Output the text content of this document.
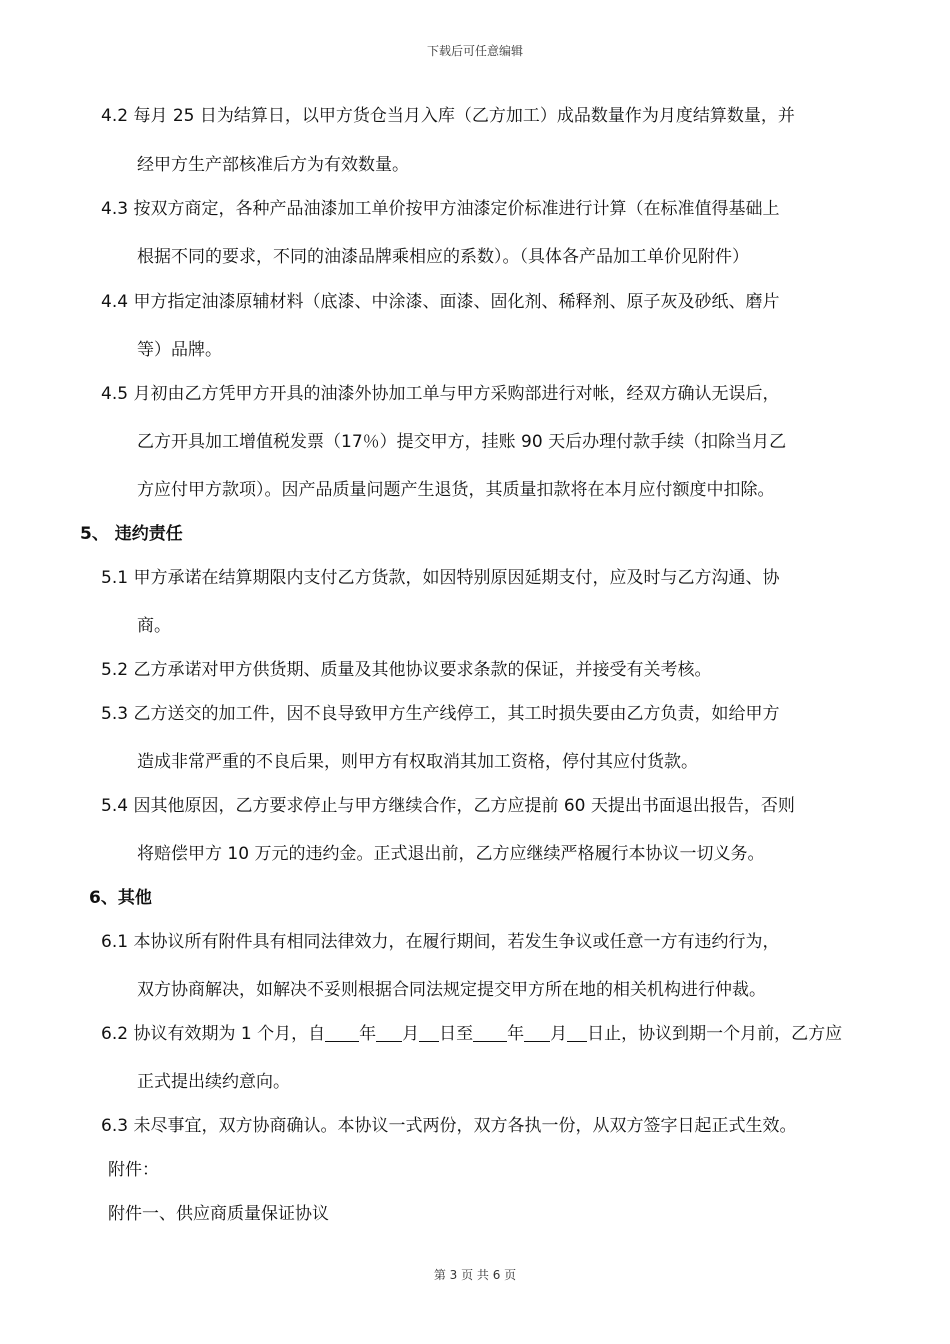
下载后可任意编辑
4.2 每月 25 日为结算日，以甲方货仓当月入库（乙方加工）成品数量作为月度结算数量，并
经甲方生产部核准后方为有效数量。
4.3 按双方商定，各种产品油漆加工单价按甲方油漆定价标准进行计算（在标准值得基础上
根据不同的要求，不同的油漆品牌乘相应的系数）。（具体各产品加工单价见附件）
4.4 甲方指定油漆原辅材料（底漆、中涂漆、面漆、固化剂、稀释剂、原子灰及砂纸、磨片
等）品牌。
4.5 月初由乙方凭甲方开具的油漆外协加工单与甲方采购部进行对帐，经双方确认无误后，
乙方开具加工增值税发票（17％）提交甲方，挂账 90 天后办理付款手续（扣除当月乙
方应付甲方款项）。因产品质量问题产生退货，其质量扣款将在本月应付额度中扣除。
5、 违约责任
5.1 甲方承诺在结算期限内支付乙方货款，如因特别原因延期支付，应及时与乙方沟通、协
商。
5.2 乙方承诺对甲方供货期、质量及其他协议要求条款的保证，并接受有关考核。
5.3 乙方送交的加工件，因不良导致甲方生产线停工，其工时损失要由乙方负责，如给甲方
造成非常严重的不良后果，则甲方有权取消其加工资格，停付其应付货款。
5.4 因其他原因，乙方要求停止与甲方继续合作，乙方应提前 60 天提出书面退出报告，否则
将赔偿甲方 10 万元的违约金。正式退出前，乙方应继续严格履行本协议一切义务。
6、其他
6.1 本协议所有附件具有相同法律效力，在履行期间，若发生争议或任意一方有违约行为，
双方协商解决，如解决不妥则根据合同法规定提交甲方所在地的相关机构进行仲裁。
6.2 协议有效期为 1 个月，自 年 月 日至 年 月 日止，协议到期一个月前，乙方应
正式提出续约意向。
6.3 未尽事宜，双方协商确认。本协议一式两份，双方各执一份，从双方签字日起正式生效。
附件：
附件一、供应商质量保证协议
第 3 页 共 6 页
